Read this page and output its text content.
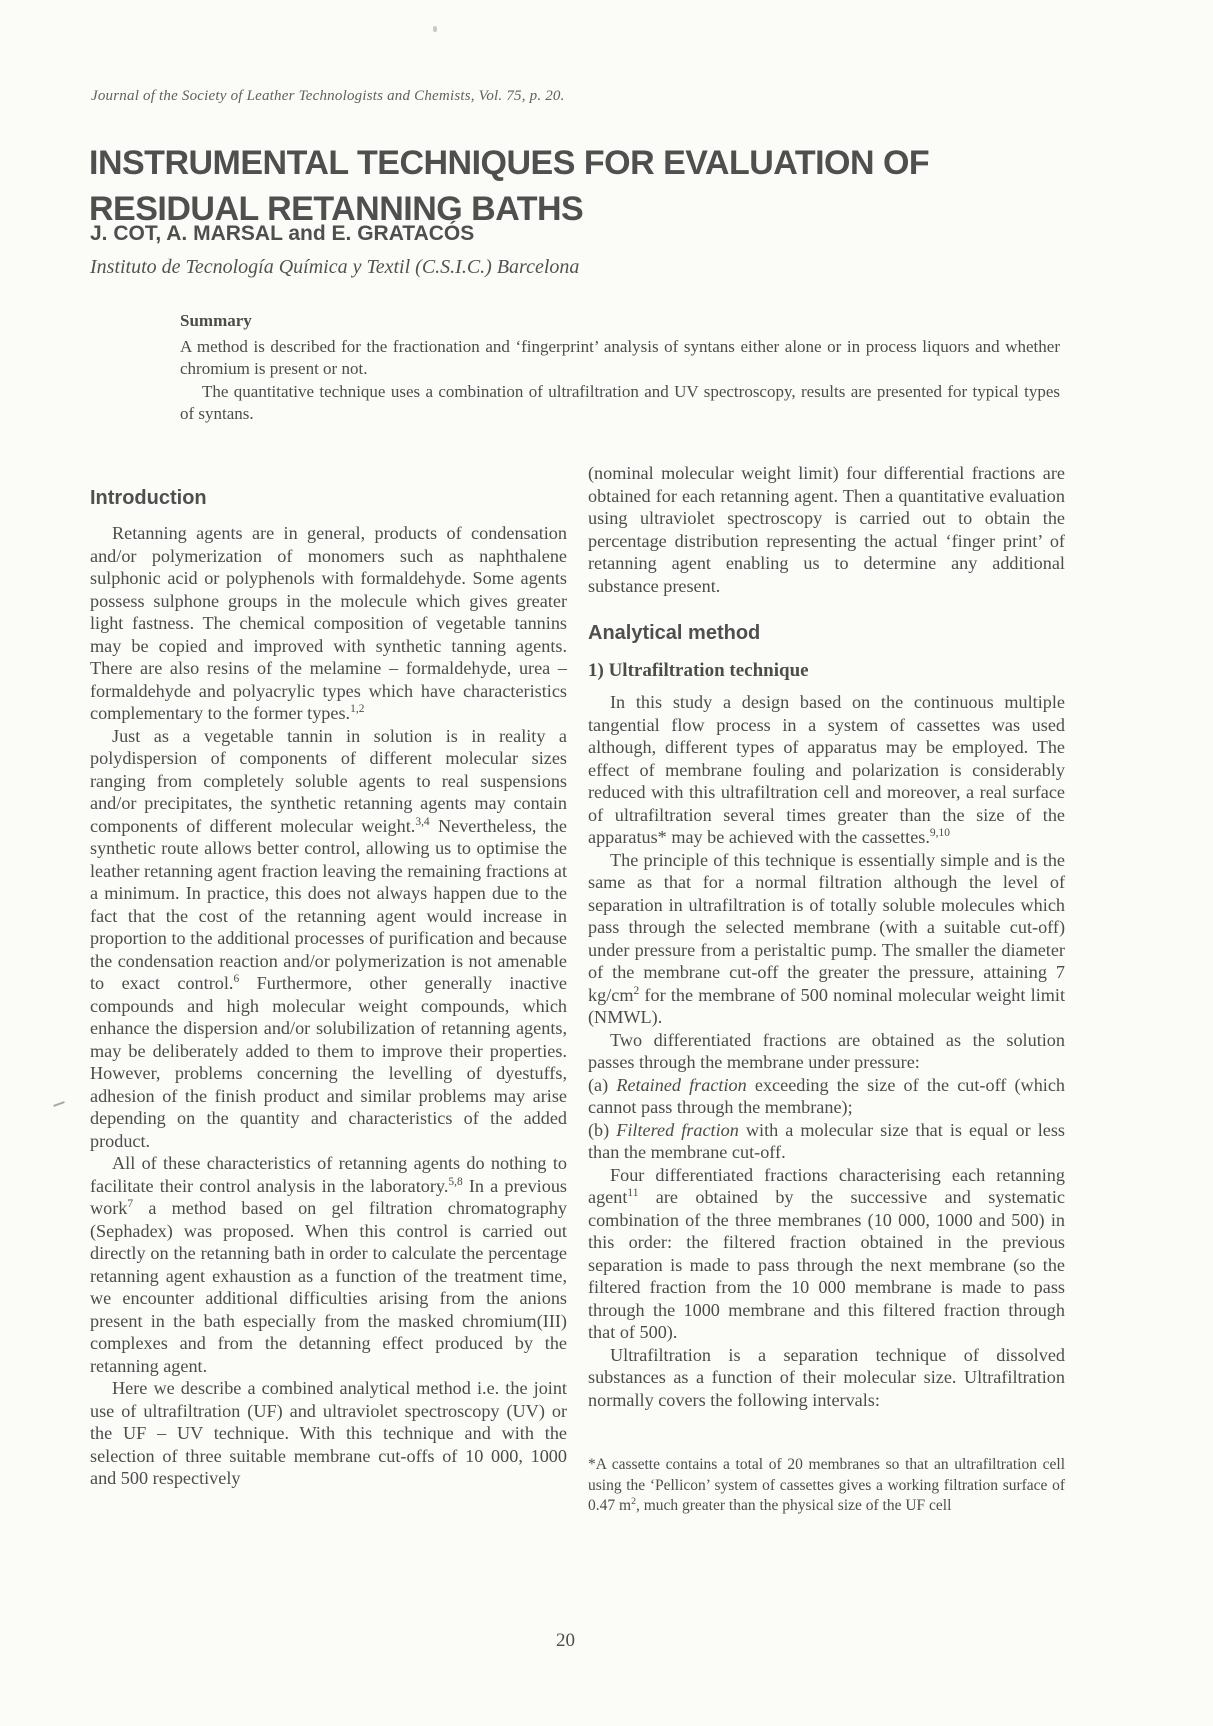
Journal of the Society of Leather Technologists and Chemists, Vol. 75, p. 20.
INSTRUMENTAL TECHNIQUES FOR EVALUATION OF RESIDUAL RETANNING BATHS
J. COT, A. MARSAL and E. GRATACÓS
Instituto de Tecnología Química y Textil (C.S.I.C.) Barcelona
Summary

A method is described for the fractionation and ‘fingerprint’ analysis of syntans either alone or in process liquors and whether chromium is present or not.

The quantitative technique uses a combination of ultrafiltration and UV spectroscopy, results are presented for typical types of syntans.

Introduction

Retanning agents are in general, products of condensation and/or polymerization of monomers such as naphthalene sulphonic acid or polyphenols with formaldehyde. Some agents possess sulphone groups in the molecule which gives greater light fastness. The chemical composition of vegetable tannins may be copied and improved with synthetic tanning agents. There are also resins of the melamine – formaldehyde, urea – formaldehyde and polyacrylic types which have characteristics complementary to the former types.$^{1,2}$

Just as a vegetable tannin in solution is in reality a polydispersion of components of different molecular sizes ranging from completely soluble agents to real suspensions and/or precipitates, the synthetic retanning agents may contain components of different molecular weight.$^{3,4}$ Nevertheless, the synthetic route allows better control, allowing us to optimise the leather retanning agent fraction leaving the remaining fractions at a minimum. In practice, this does not always happen due to the fact that the cost of the retanning agent would increase in proportion to the additional processes of purification and because the condensation reaction and/or polymerization is not amenable to exact control.$^6$ Furthermore, other generally inactive compounds and high molecular weight compounds, which enhance the dispersion and/or solubilization of retanning agents, may be deliberately added to them to improve their properties. However, problems concerning the levelling of dyestuffs, adhesion of the finish product and similar problems may arise depending on the quantity and characteristics of the added product.

All of these characteristics of retanning agents do nothing to facilitate their control analysis in the laboratory.$^{5,8}$ In a previous work$^7$ a method based on gel filtration chromatography (Sephadex) was proposed. When this control is carried out directly on the retanning bath in order to calculate the percentage retanning agent exhaustion as a function of the treatment time, we encounter additional difficulties arising from the anions present in the bath especially from the masked chromium(III) complexes and from the detanning effect produced by the retanning agent.

Here we describe a combined analytical method i.e. the joint use of ultrafiltration (UF) and ultraviolet spectroscopy (UV) or the UF – UV technique. With this technique and with the selection of three suitable membrane cut-offs of 10 000, 1000 and 500 respectively

(nominal molecular weight limit) four differential fractions are obtained for each retanning agent. Then a quantitative evaluation using ultraviolet spectroscopy is carried out to obtain the percentage distribution representing the actual ‘finger print’ of retanning agent enabling us to determine any additional substance present.

Analytical method
1) Ultrafiltration technique

In this study a design based on the continuous multiple tangential flow process in a system of cassettes was used although, different types of apparatus may be employed. The effect of membrane fouling and polarization is considerably reduced with this ultrafiltration cell and moreover, a real surface of ultrafiltration several times greater than the size of the apparatus* may be achieved with the cassettes.$^{9,10}$

The principle of this technique is essentially simple and is the same as that for a normal filtration although the level of separation in ultrafiltration is of totally soluble molecules which pass through the selected membrane (with a suitable cut-off) under pressure from a peristaltic pump. The smaller the diameter of the membrane cut-off the greater the pressure, attaining 7 $kg/cm^2$ for the membrane of 500 nominal molecular weight limit (NMWL).

Two differentiated fractions are obtained as the solution passes through the membrane under pressure:

(a) Retained fraction exceeding the size of the cut-off (which cannot pass through the membrane);

(b) Filtered fraction with a molecular size that is equal or less than the membrane cut-off.

Four differentiated fractions characterising each retanning agent$^{11}$ are obtained by the successive and systematic combination of the three membranes (10 000, 1000 and 500) in this order: the filtered fraction obtained in the previous separation is made to pass through the next membrane (so the filtered fraction from the 10 000 membrane is made to pass through the 1000 membrane and this filtered fraction through that of 500).

Ultrafiltration is a separation technique of dissolved substances as a function of their molecular size. Ultrafiltration normally covers the following intervals:

*A cassette contains a total of 20 membranes so that an ultrafiltration cell using the ‘Pellicon’ system of cassettes gives a working filtration surface of 0.47 $m^2$, much greater than the physical size of the UF cell

20
